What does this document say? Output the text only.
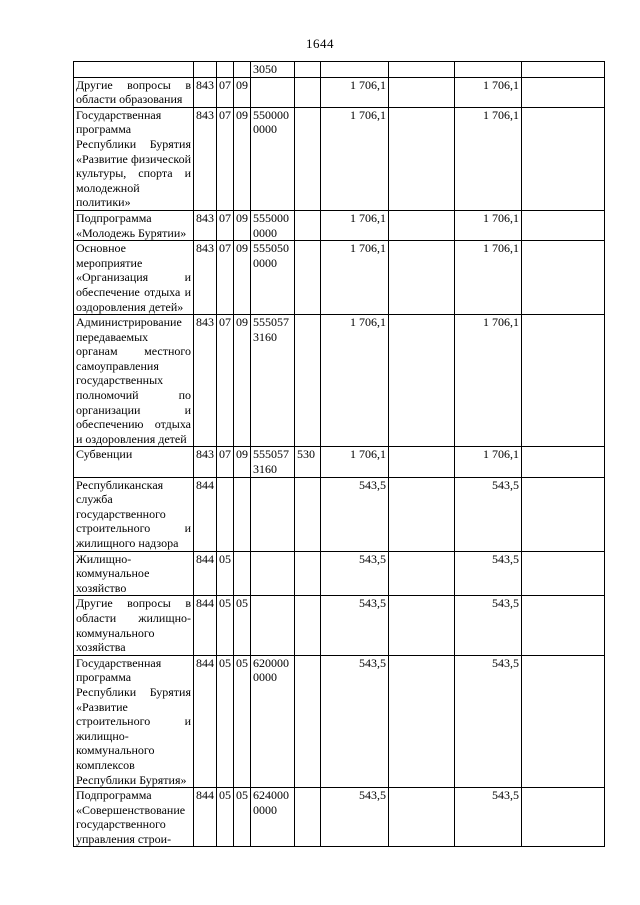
1644
				3050					
Другие вопросы в области образования	843	07	09			1 706,1		1 706,1	
Государственная программа Республики Бурятия «Развитие физической культуры, спорта и молодежной политики»	843	07	09	550000 0000		1 706,1		1 706,1	
Подпрограмма «Молодежь Бурятии»	843	07	09	555000 0000		1 706,1		1 706,1	
Основное мероприятие «Организация и обеспечение отдыха и оздоровления детей»	843	07	09	555050 0000		1 706,1		1 706,1	
Администрирование передаваемых органам местного самоуправления государственных полномочий по организации и обеспечению отдыха и оздоровления детей	843	07	09	555057 3160		1 706,1		1 706,1	
Субвенции	843	07	09	555057 3160	530	1 706,1		1 706,1	
Республиканская служба государственного строительного и жилищного надзора	844					543,5		543,5	
Жилищно-коммунальное хозяйство	844	05				543,5		543,5	
Другие вопросы в области жилищно-коммунального хозяйства	844	05	05			543,5		543,5	
Государственная программа Республики Бурятия «Развитие строительного и жилищно-коммунального комплексов Республики Бурятия»	844	05	05	620000 0000		543,5		543,5	
Подпрограмма «Совершенствование государственного управления строи-	844	05	05	624000 0000		543,5		543,5	
